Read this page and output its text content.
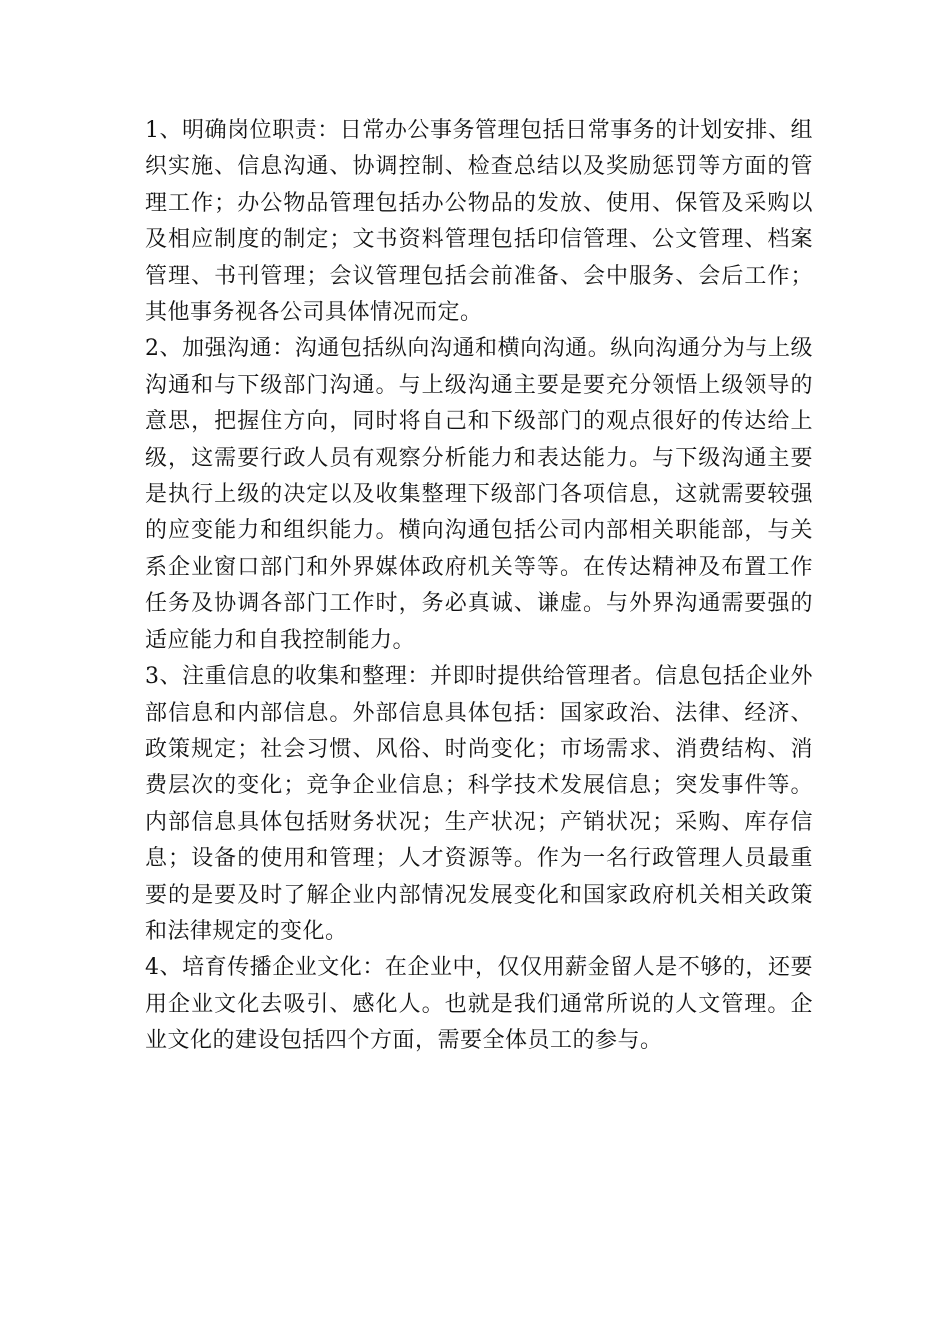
1、明确岗位职责：日常办公事务管理包括日常事务的计划安排、组织实施、信息沟通、协调控制、检查总结以及奖励惩罚等方面的管理工作；办公物品管理包括办公物品的发放、使用、保管及采购以及相应制度的制定；文书资料管理包括印信管理、公文管理、档案管理、书刊管理；会议管理包括会前准备、会中服务、会后工作；其他事务视各公司具体情况而定。

2、加强沟通：沟通包括纵向沟通和横向沟通。纵向沟通分为与上级沟通和与下级部门沟通。与上级沟通主要是要充分领悟上级领导的意思，把握住方向，同时将自己和下级部门的观点很好的传达给上级，这需要行政人员有观察分析能力和表达能力。与下级沟通主要是执行上级的决定以及收集整理下级部门各项信息，这就需要较强的应变能力和组织能力。横向沟通包括公司内部相关职能部，与关系企业窗口部门和外界媒体政府机关等等。在传达精神及布置工作任务及协调各部门工作时，务必真诚、谦虚。与外界沟通需要强的适应能力和自我控制能力。

3、注重信息的收集和整理：并即时提供给管理者。信息包括企业外部信息和内部信息。外部信息具体包括：国家政治、法律、经济、政策规定；社会习惯、风俗、时尚变化；市场需求、消费结构、消费层次的变化；竞争企业信息；科学技术发展信息；突发事件等。内部信息具体包括财务状况；生产状况；产销状况；采购、库存信息；设备的使用和管理；人才资源等。作为一名行政管理人员最重要的是要及时了解企业内部情况发展变化和国家政府机关相关政策和法律规定的变化。

4、培育传播企业文化：在企业中，仅仅用薪金留人是不够的，还要用企业文化去吸引、感化人。也就是我们通常所说的人文管理。企业文化的建设包括四个方面，需要全体员工的参与。
